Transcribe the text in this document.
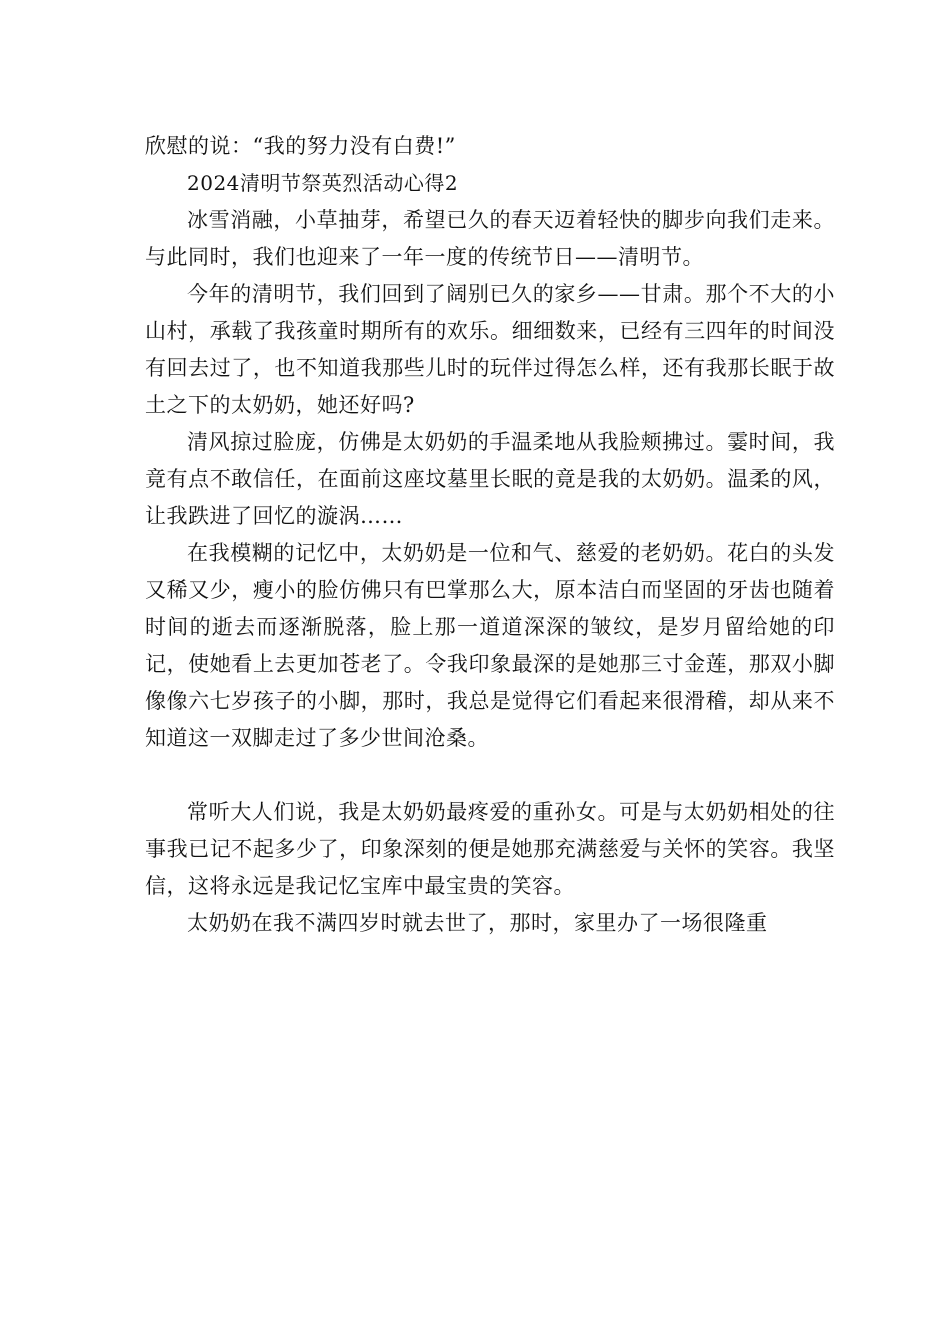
欣慰的说：“我的努力没有白费!”

2024清明节祭英烈活动心得2

冰雪消融，小草抽芽，希望已久的春天迈着轻快的脚步向我们走来。与此同时，我们也迎来了一年一度的传统节日——清明节。

今年的清明节，我们回到了阔别已久的家乡——甘肃。那个不大的小山村，承载了我孩童时期所有的欢乐。细细数来，已经有三四年的时间没有回去过了，也不知道我那些儿时的玩伴过得怎么样，还有我那长眠于故土之下的太奶奶，她还好吗?

清风掠过脸庞，仿佛是太奶奶的手温柔地从我脸颊拂过。霎时间，我竟有点不敢信任，在面前这座坟墓里长眠的竟是我的太奶奶。温柔的风，让我跌进了回忆的漩涡……

在我模糊的记忆中，太奶奶是一位和气、慈爱的老奶奶。花白的头发又稀又少，瘦小的脸仿佛只有巴掌那么大，原本洁白而坚固的牙齿也随着时间的逝去而逐渐脱落，脸上那一道道深深的皱纹，是岁月留给她的印记，使她看上去更加苍老了。令我印象最深的是她那三寸金莲，那双小脚像像六七岁孩子的小脚，那时，我总是觉得它们看起来很滑稽，却从来不知道这一双脚走过了多少世间沧桑。

常听大人们说，我是太奶奶最疼爱的重孙女。可是与太奶奶相处的往事我已记不起多少了，印象深刻的便是她那充满慈爱与关怀的笑容。我坚信，这将永远是我记忆宝库中最宝贵的笑容。

太奶奶在我不满四岁时就去世了，那时，家里办了一场很隆重
